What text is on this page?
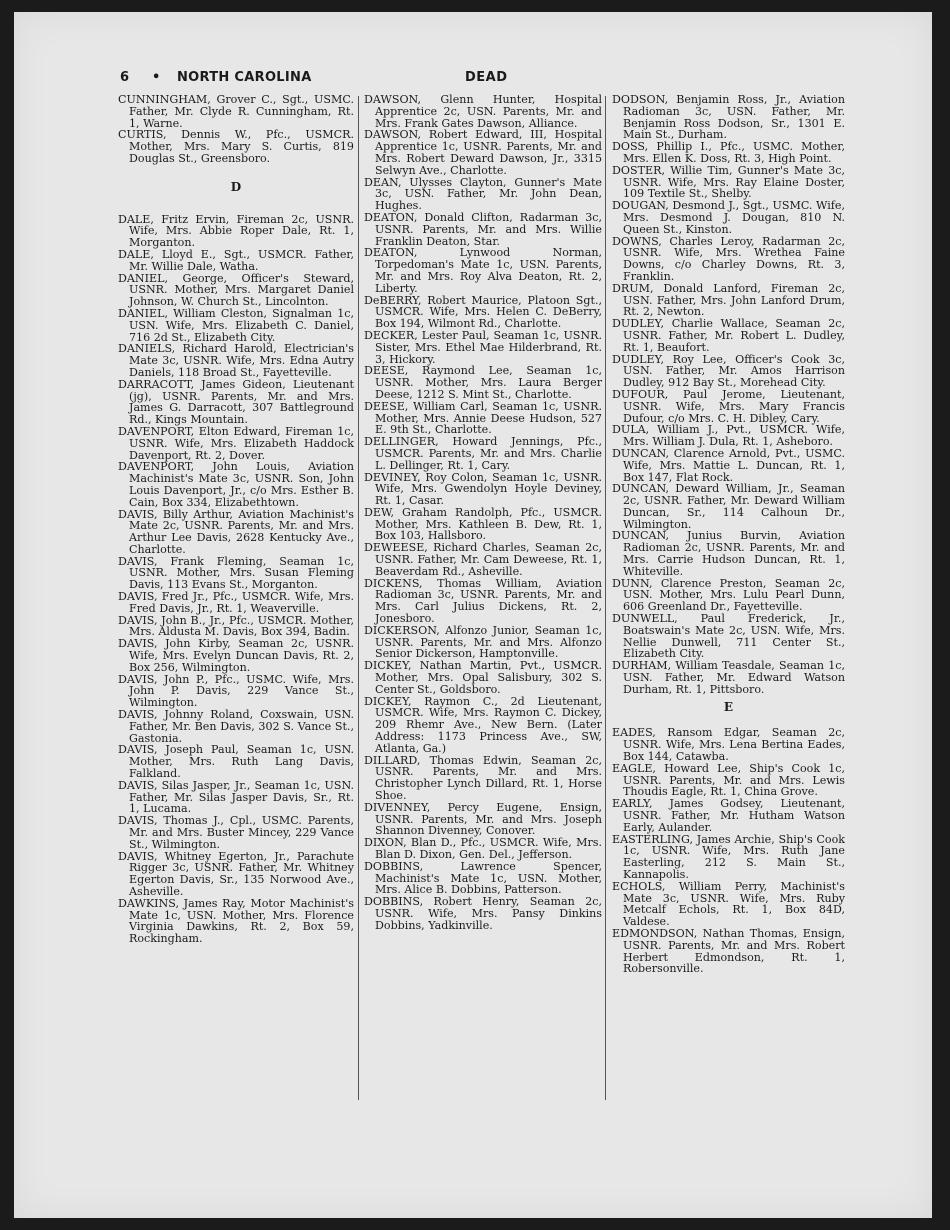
6 • NORTH CAROLINA	DEAD

CUNNINGHAM, Grover C., Sgt., USMC. Father, Mr. Clyde R. Cunningham, Rt. 1, Warne.

CURTIS, Dennis W., Pfc., USMCR. Mother, Mrs. Mary S. Curtis, 819 Douglas St., Greensboro.

D

DALE, Fritz Ervin, Fireman 2c, USNR. Wife, Mrs. Abbie Roper Dale, Rt. 1, Morganton.

DALE, Lloyd E., Sgt., USMCR. Father, Mr. Willie Dale, Watha.

DANIEL, George, Officer's Steward, USNR. Mother, Mrs. Margaret Daniel Johnson, W. Church St., Lincolnton.

DANIEL, William Cleston, Signalman 1c, USN. Wife, Mrs. Elizabeth C. Daniel, 716 2d St., Elizabeth City.

DANIELS, Richard Harold, Electrician's Mate 3c, USNR. Wife, Mrs. Edna Autry Daniels, 118 Broad St., Fayetteville.

DARRACOTT, James Gideon, Lieutenant (jg), USNR. Parents, Mr. and Mrs. James G. Darracott, 307 Battleground Rd., Kings Mountain.

DAVENPORT, Elton Edward, Fireman 1c, USNR. Wife, Mrs. Elizabeth Haddock Davenport, Rt. 2, Dover.

DAVENPORT, John Louis, Aviation Machinist's Mate 3c, USNR. Son, John Louis Davenport, Jr., c/o Mrs. Esther B. Cain, Box 334, Elizabethtown.

DAVIS, Billy Arthur, Aviation Machinist's Mate 2c, USNR. Parents, Mr. and Mrs. Arthur Lee Davis, 2628 Kentucky Ave., Charlotte.

DAVIS, Frank Fleming, Seaman 1c, USNR. Mother, Mrs. Susan Fleming Davis, 113 Evans St., Morganton.

DAVIS, Fred Jr., Pfc., USMCR. Wife, Mrs. Fred Davis, Jr., Rt. 1, Weaverville.

DAVIS, John B., Jr., Pfc., USMCR. Mother, Mrs. Aldusta M. Davis, Box 394, Badin.

DAVIS, John Kirby, Seaman 2c, USNR. Wife, Mrs. Evelyn Duncan Davis, Rt. 2, Box 256, Wilmington.

DAVIS, John P., Pfc., USMC. Wife, Mrs. John P. Davis, 229 Vance St., Wilmington.

DAVIS, Johnny Roland, Coxswain, USN. Father, Mr. Ben Davis, 302 S. Vance St., Gastonia.

DAVIS, Joseph Paul, Seaman 1c, USN. Mother, Mrs. Ruth Lang Davis, Falkland.

DAVIS, Silas Jasper, Jr., Seaman 1c, USN. Father, Mr. Silas Jasper Davis, Sr., Rt. 1, Lucama.

DAVIS, Thomas J., Cpl., USMC. Parents, Mr. and Mrs. Buster Mincey, 229 Vance St., Wilmington.

DAVIS, Whitney Egerton, Jr., Parachute Rigger 3c, USNR. Father, Mr. Whitney Egerton Davis, Sr., 135 Norwood Ave., Asheville.

DAWKINS, James Ray, Motor Machinist's Mate 1c, USN. Mother, Mrs. Florence Virginia Dawkins, Rt. 2, Box 59, Rockingham.

DAWSON, Glenn Hunter, Hospital Apprentice 2c, USN. Parents, Mr. and Mrs. Frank Gates Dawson, Alliance.

DAWSON, Robert Edward, III, Hospital Apprentice 1c, USNR. Parents, Mr. and Mrs. Robert Deward Dawson, Jr., 3315 Selwyn Ave., Charlotte.

DEAN, Ulysses Clayton, Gunner's Mate 3c, USN. Father, Mr. John Dean, Hughes.

DEATON, Donald Clifton, Radarman 3c, USNR. Parents, Mr. and Mrs. Willie Franklin Deaton, Star.

DEATON, Lynwood Norman, Torpedoman's Mate 1c, USN. Parents, Mr. and Mrs. Roy Alva Deaton, Rt. 2, Liberty.

DeBERRY, Robert Maurice, Platoon Sgt., USMCR. Wife, Mrs. Helen C. DeBerry, Box 194, Wilmont Rd., Charlotte.

DECKER, Lester Paul, Seaman 1c, USNR. Sister, Mrs. Ethel Mae Hilderbrand, Rt. 3, Hickory.

DEESE, Raymond Lee, Seaman 1c, USNR. Mother, Mrs. Laura Berger Deese, 1212 S. Mint St., Charlotte.

DEESE, William Carl, Seaman 1c, USNR. Mother, Mrs. Annie Deese Hudson, 527 E. 9th St., Charlotte.

DELLINGER, Howard Jennings, Pfc., USMCR. Parents, Mr. and Mrs. Charlie L. Dellinger, Rt. 1, Cary.

DEVINEY, Roy Colon, Seaman 1c, USNR. Wife, Mrs. Gwendolyn Hoyle Deviney, Rt. 1, Casar.

DEW, Graham Randolph, Pfc., USMCR. Mother, Mrs. Kathleen B. Dew, Rt. 1, Box 103, Hallsboro.

DEWEESE, Richard Charles, Seaman 2c, USNR. Father, Mr. Cam Deweese, Rt. 1, Beaverdam Rd., Asheville.

DICKENS, Thomas William, Aviation Radioman 3c, USNR. Parents, Mr. and Mrs. Carl Julius Dickens, Rt. 2, Jonesboro.

DICKERSON, Alfonzo Junior, Seaman 1c, USNR. Parents, Mr. and Mrs. Alfonzo Senior Dickerson, Hamptonville.

DICKEY, Nathan Martin, Pvt., USMCR. Mother, Mrs. Opal Salisbury, 302 S. Center St., Goldsboro.

DICKEY, Raymon C., 2d Lieutenant, USMCR. Wife, Mrs. Raymon C. Dickey, 209 Rhemr Ave., New Bern. (Later Address: 1173 Princess Ave., SW, Atlanta, Ga.)

DILLARD, Thomas Edwin, Seaman 2c, USNR. Parents, Mr. and Mrs. Christopher Lynch Dillard, Rt. 1, Horse Shoe.

DIVENNEY, Percy Eugene, Ensign, USNR. Parents, Mr. and Mrs. Joseph Shannon Divenney, Conover.

DIXON, Blan D., Pfc., USMCR. Wife, Mrs. Blan D. Dixon, Gen. Del., Jefferson.

DOBBINS, Lawrence Spencer, Machinist's Mate 1c, USN. Mother, Mrs. Alice B. Dobbins, Patterson.

DOBBINS, Robert Henry, Seaman 2c, USNR. Wife, Mrs. Pansy Dinkins Dobbins, Yadkinville.

DODSON, Benjamin Ross, Jr., Aviation Radioman 3c, USN. Father, Mr. Benjamin Ross Dodson, Sr., 1301 E. Main St., Durham.

DOSS, Phillip I., Pfc., USMC. Mother, Mrs. Ellen K. Doss, Rt. 3, High Point.

DOSTER, Willie Tim, Gunner's Mate 3c, USNR. Wife, Mrs. Ray Elaine Doster, 109 Textile St., Shelby.

DOUGAN, Desmond J., Sgt., USMC. Wife, Mrs. Desmond J. Dougan, 810 N. Queen St., Kinston.

DOWNS, Charles Leroy, Radarman 2c, USNR. Wife, Mrs. Wrethea Faine Downs, c/o Charley Downs, Rt. 3, Franklin.

DRUM, Donald Lanford, Fireman 2c, USN. Father, Mrs. John Lanford Drum, Rt. 2, Newton.

DUDLEY, Charlie Wallace, Seaman 2c, USNR. Father, Mr. Robert L. Dudley, Rt. 1, Beaufort.

DUDLEY, Roy Lee, Officer's Cook 3c, USN. Father, Mr. Amos Harrison Dudley, 912 Bay St., Morehead City.

DUFOUR, Paul Jerome, Lieutenant, USNR. Wife, Mrs. Mary Francis Dufour, c/o Mrs. C. H. Dibley, Cary.

DULA, William J., Pvt., USMCR. Wife, Mrs. William J. Dula, Rt. 1, Asheboro.

DUNCAN, Clarence Arnold, Pvt., USMC. Wife, Mrs. Mattie L. Duncan, Rt. 1, Box 147, Flat Rock.

DUNCAN, Deward William, Jr., Seaman 2c, USNR. Father, Mr. Deward William Duncan, Sr., 114 Calhoun Dr., Wilmington.

DUNCAN, Junius Burvin, Aviation Radioman 2c, USNR. Parents, Mr. and Mrs. Carrie Hudson Duncan, Rt. 1, Whiteville.

DUNN, Clarence Preston, Seaman 2c, USN. Mother, Mrs. Lulu Pearl Dunn, 606 Greenland Dr., Fayetteville.

DUNWELL, Paul Frederick, Jr., Boatswain's Mate 2c, USN. Wife, Mrs. Nellie Dunwell, 711 Center St., Elizabeth City.

DURHAM, William Teasdale, Seaman 1c, USN. Father, Mr. Edward Watson Durham, Rt. 1, Pittsboro.

E

EADES, Ransom Edgar, Seaman 2c, USNR. Wife, Mrs. Lena Bertina Eades, Box 144, Catawba.

EAGLE, Howard Lee, Ship's Cook 1c, USNR. Parents, Mr. and Mrs. Lewis Thoudis Eagle, Rt. 1, China Grove.

EARLY, James Godsey, Lieutenant, USNR. Father, Mr. Hutham Watson Early, Aulander.

EASTERLING, James Archie, Ship's Cook 1c, USNR. Wife, Mrs. Ruth Jane Easterling, 212 S. Main St., Kannapolis.

ECHOLS, William Perry, Machinist's Mate 3c, USNR. Wife, Mrs. Ruby Metcalf Echols, Rt. 1, Box 84D, Valdese.

EDMONDSON, Nathan Thomas, Ensign, USNR. Parents, Mr. and Mrs. Robert Herbert Edmondson, Rt. 1, Robersonville.
